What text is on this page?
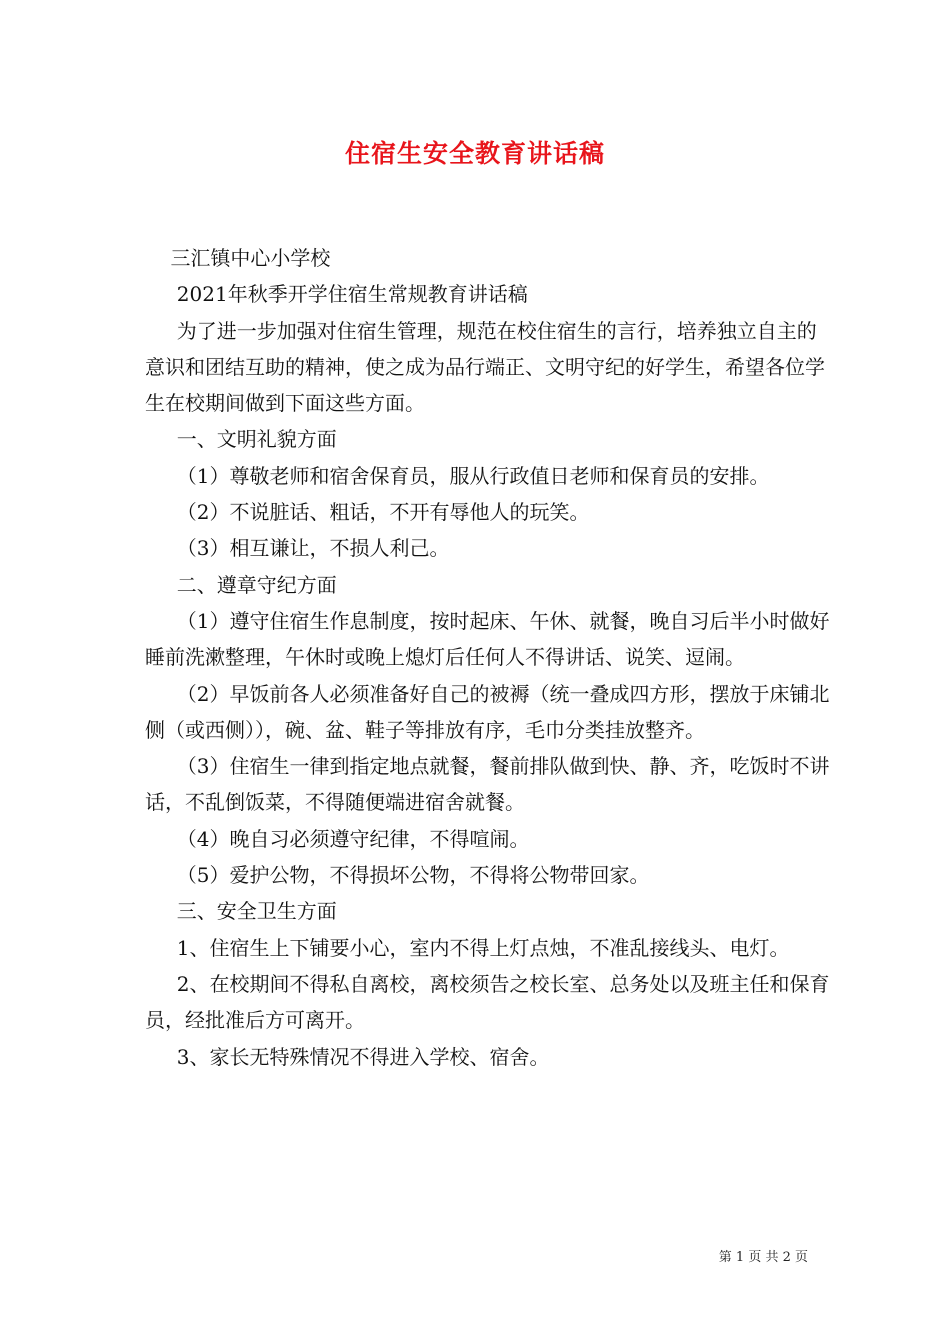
住宿生安全教育讲话稿

三汇镇中心小学校

2021年秋季开学住宿生常规教育讲话稿

为了进一步加强对住宿生管理，规范在校住宿生的言行，培养独立自主的意识和团结互助的精神，使之成为品行端正、文明守纪的好学生，希望各位学生在校期间做到下面这些方面。

一、文明礼貌方面

（1）尊敬老师和宿舍保育员，服从行政值日老师和保育员的安排。

（2）不说脏话、粗话，不开有辱他人的玩笑。

（3）相互谦让，不损人利己。

二、遵章守纪方面

（1）遵守住宿生作息制度，按时起床、午休、就餐，晚自习后半小时做好睡前洗漱整理，午休时或晚上熄灯后任何人不得讲话、说笑、逗闹。

（2）早饭前各人必须准备好自己的被褥（统一叠成四方形，摆放于床铺北侧（或西侧）），碗、盆、鞋子等排放有序，毛巾分类挂放整齐。

（3）住宿生一律到指定地点就餐，餐前排队做到快、静、齐，吃饭时不讲话，不乱倒饭菜，不得随便端进宿舍就餐。

（4）晚自习必须遵守纪律，不得喧闹。

（5）爱护公物，不得损坏公物，不得将公物带回家。

三、安全卫生方面

1、住宿生上下铺要小心，室内不得上灯点烛，不准乱接线头、电灯。

2、在校期间不得私自离校，离校须告之校长室、总务处以及班主任和保育员，经批准后方可离开。

3、家长无特殊情况不得进入学校、宿舍。

第 1 页 共 2 页
